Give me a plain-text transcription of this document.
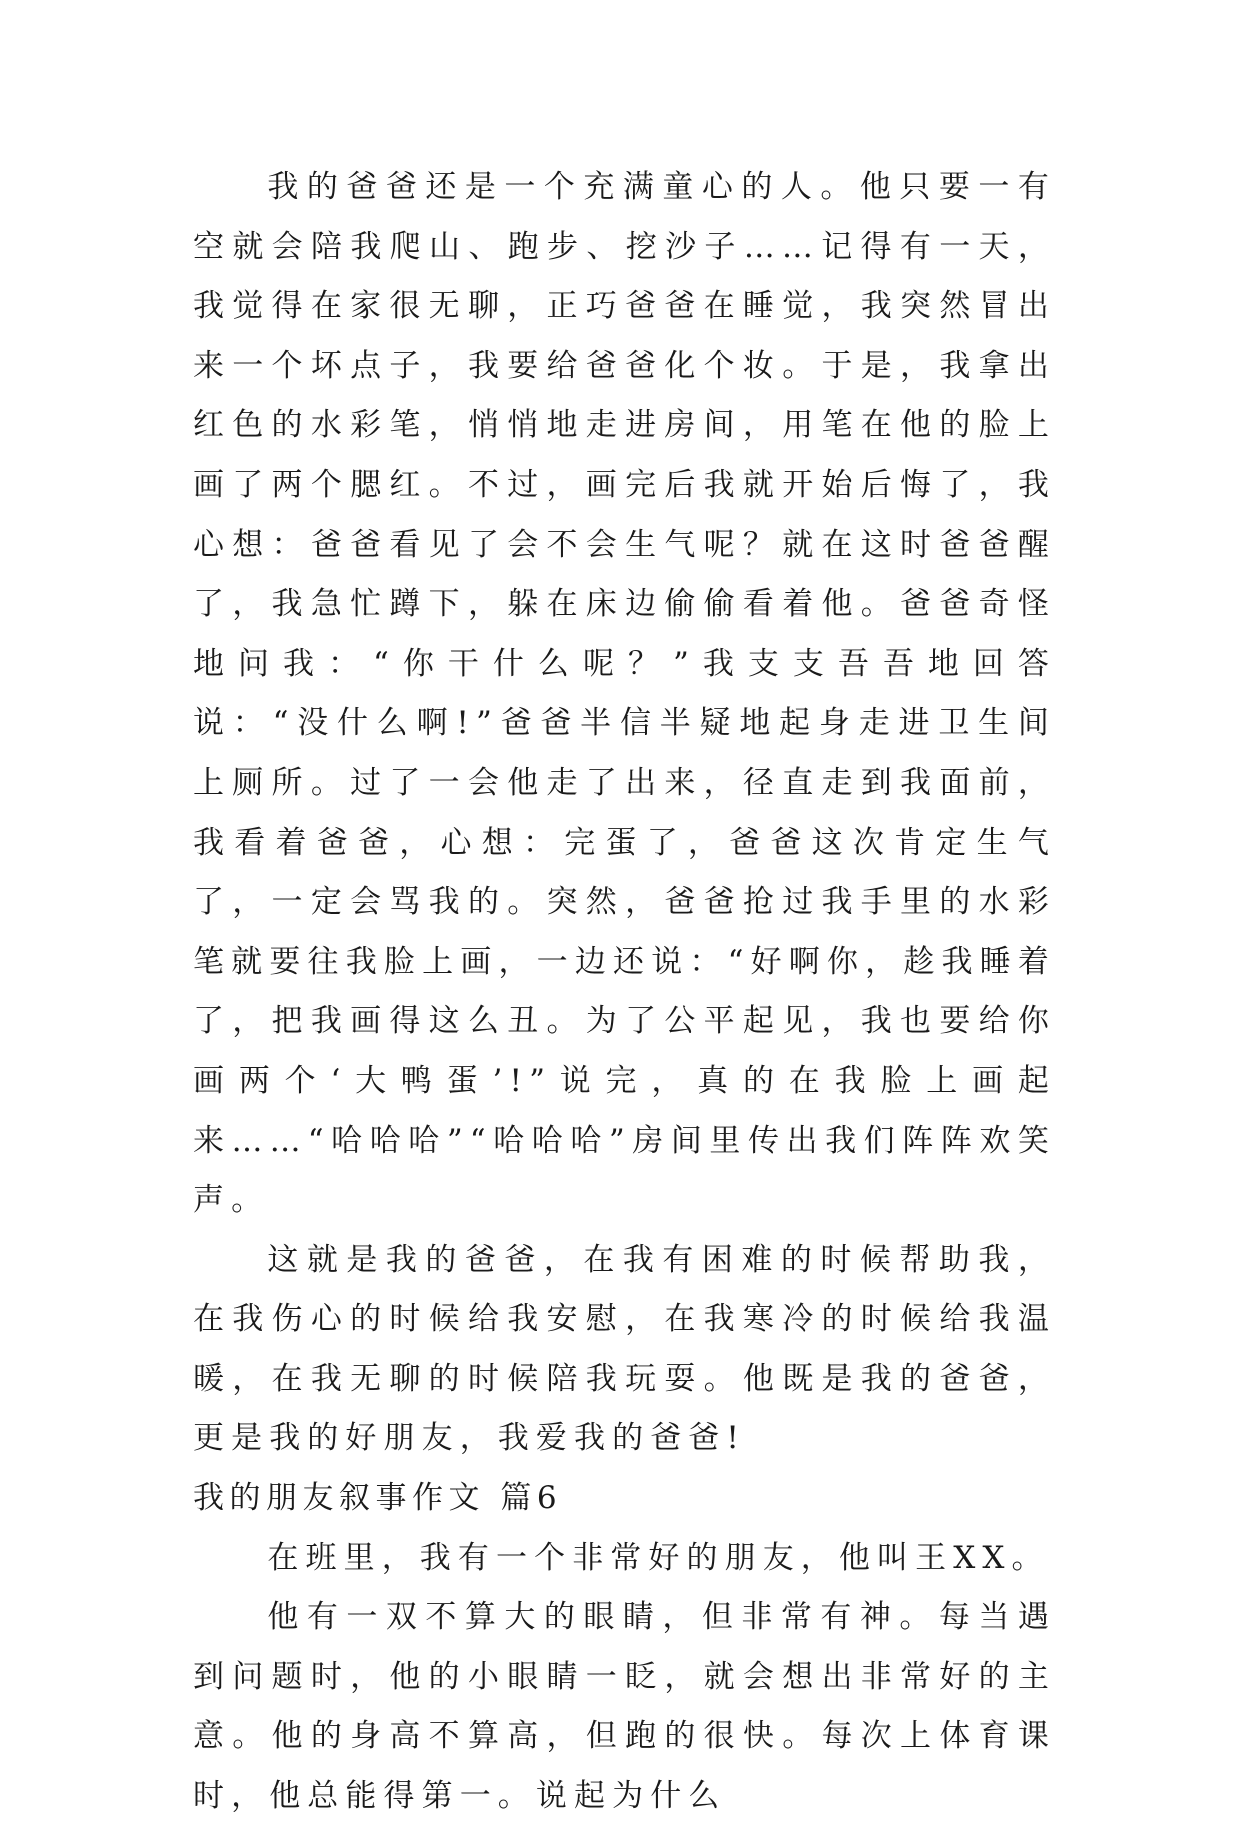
我的爸爸还是一个充满童心的人。他只要一有空就会陪我爬山、跑步、挖沙子……记得有一天，我觉得在家很无聊，正巧爸爸在睡觉，我突然冒出来一个坏点子，我要给爸爸化个妆。于是，我拿出红色的水彩笔，悄悄地走进房间，用笔在他的脸上画了两个腮红。不过，画完后我就开始后悔了，我心想：爸爸看见了会不会生气呢？就在这时爸爸醒了，我急忙蹲下，躲在床边偷偷看着他。爸爸奇怪地问我：“你干什么呢？”我支支吾吾地回答说：“没什么啊!”爸爸半信半疑地起身走进卫生间上厕所。过了一会他走了出来，径直走到我面前，我看着爸爸，心想：完蛋了，爸爸这次肯定生气了，一定会骂我的。突然，爸爸抢过我手里的水彩笔就要往我脸上画，一边还说：“好啊你，趁我睡着了，把我画得这么丑。为了公平起见，我也要给你画两个‘大鸭蛋’!”说完，真的在我脸上画起来……“哈哈哈”“哈哈哈”房间里传出我们阵阵欢笑声。

这就是我的爸爸，在我有困难的时候帮助我，在我伤心的时候给我安慰，在我寒冷的时候给我温暖，在我无聊的时候陪我玩耍。他既是我的爸爸，更是我的好朋友，我爱我的爸爸!

我的朋友叙事作文 篇6

在班里，我有一个非常好的朋友，他叫王XX。

他有一双不算大的眼睛，但非常有神。每当遇到问题时，他的小眼睛一眨，就会想出非常好的主意。他的身高不算高，但跑的很快。每次上体育课时，他总能得第一。说起为什么
